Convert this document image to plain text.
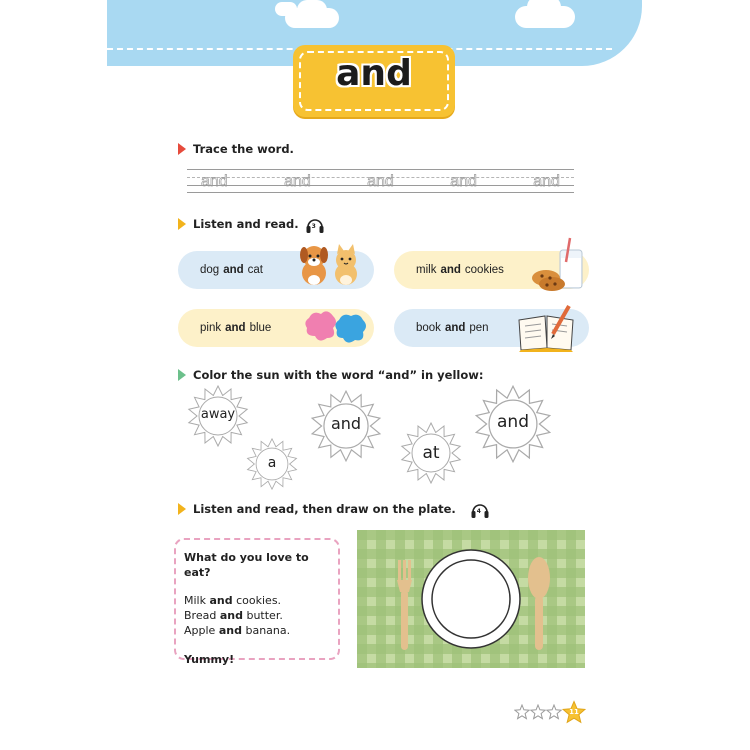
and
Trace the word.
and	and	and	and	and
Listen and read. 3
dog and cat	milk and cookies
pink and blue	book and pen
Color the sun with the word “and” in yellow:
away	and	and
a	at
Listen and read, then draw on the plate.	4
What do you love to eat?
Milk and cookies.
Bread and butter.
Apple and banana.
Yummy!
11
